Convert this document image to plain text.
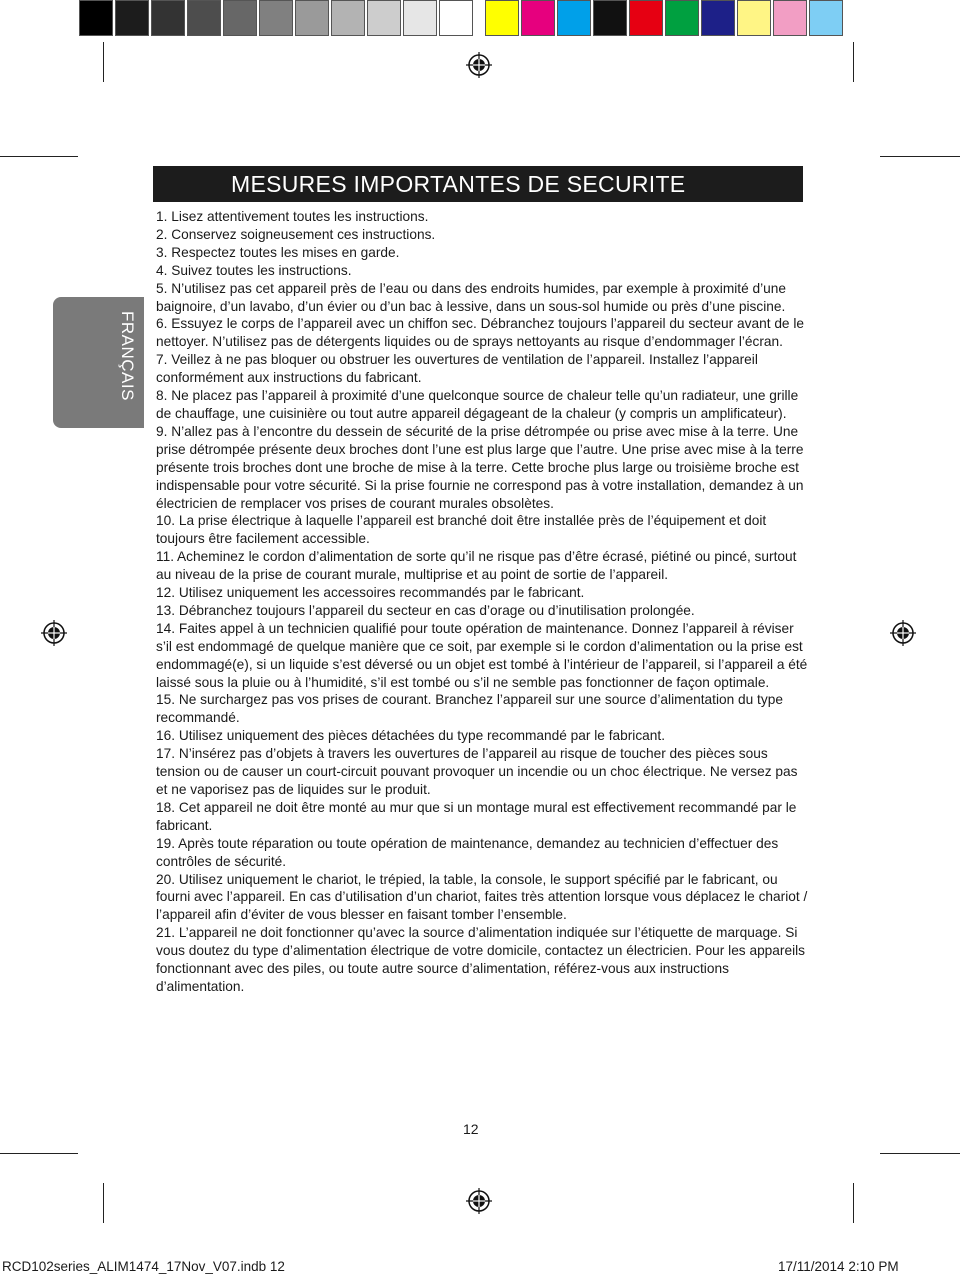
MESURES IMPORTANTES DE SECURITE
FRANÇAIS

1. Lisez attentivement toutes les instructions.

2. Conservez soigneusement ces instructions.

3. Respectez toutes les mises en garde.

4. Suivez toutes les instructions.

5. N’utilisez pas cet appareil près de l’eau ou dans des endroits humides, par exemple à proximité d’une baignoire, d’un lavabo, d’un évier ou d’un bac à lessive, dans un sous-sol humide ou près d’une piscine.

6. Essuyez le corps de l’appareil avec un chiffon sec. Débranchez toujours l’appareil du secteur avant de le nettoyer. N’utilisez pas de détergents liquides ou de sprays nettoyants au risque d’endommager l’écran.

7. Veillez à ne pas bloquer ou obstruer les ouvertures de ventilation de l’appareil. Installez l’appareil conformément aux instructions du fabricant.

8. Ne placez pas l’appareil à proximité d’une quelconque source de chaleur telle qu’un radiateur, une grille de chauffage, une cuisinière ou tout autre appareil dégageant de la chaleur (y compris un amplificateur).

9. N’allez pas à l’encontre du dessein de sécurité de la prise détrompée ou prise avec mise à la terre. Une prise détrompée présente deux broches dont l’une est plus large que l’autre. Une prise avec mise à la terre présente trois broches dont une broche de mise à la terre. Cette broche plus large ou troisième broche est indispensable pour votre sécurité. Si la prise fournie ne correspond pas à votre installation, demandez à un électricien de remplacer vos prises de courant murales obsolètes.

10. La prise électrique à laquelle l’appareil est branché doit être installée près de l’équipement et doit toujours être facilement accessible.

11. Acheminez le cordon d’alimentation de sorte qu’il ne risque pas d’être écrasé, piétiné ou pincé, surtout au niveau de la prise de courant murale, multiprise et au point de sortie de l’appareil.

12. Utilisez uniquement les accessoires recommandés par le fabricant.

13. Débranchez toujours l’appareil du secteur en cas d’orage ou d’inutilisation prolongée.

14. Faites appel à un technicien qualifié pour toute opération de maintenance. Donnez l’appareil à réviser s’il est endommagé de quelque manière que ce soit, par exemple si le cordon d’alimentation ou la prise est endommagé(e), si un liquide s’est déversé ou un objet est tombé à l’intérieur de l’appareil, si l’appareil a été laissé sous la pluie ou à l’humidité, s’il est tombé ou s’il ne semble pas fonctionner de façon optimale.

15. Ne surchargez pas vos prises de courant. Branchez l’appareil sur une source d’alimentation du type recommandé.

16. Utilisez uniquement des pièces détachées du type recommandé par le fabricant.

17. N’insérez pas d’objets à travers les ouvertures de l’appareil au risque de toucher des pièces sous tension ou de causer un court-circuit pouvant provoquer un incendie ou un choc électrique. Ne versez pas et ne vaporisez pas de liquides sur le produit.

18. Cet appareil ne doit être monté au mur que si un montage mural est effectivement recommandé par le fabricant.

19. Après toute réparation ou toute opération de maintenance, demandez au technicien d’effectuer des contrôles de sécurité.

20. Utilisez uniquement le chariot, le trépied, la table, la console, le support spécifié par le fabricant, ou fourni avec l’appareil. En cas d’utilisation d’un chariot, faites très attention lorsque vous déplacez le chariot / l’appareil afin d’éviter de vous blesser en faisant tomber l’ensemble.

21. L’appareil ne doit fonctionner qu’avec la source d’alimentation indiquée sur l’étiquette de marquage. Si vous doutez du type d’alimentation électrique de votre domicile, contactez un électricien. Pour les appareils fonctionnant avec des piles, ou toute autre source d’alimentation, référez-vous aux instructions d’alimentation.

12
RCD102series_ALIM1474_17Nov_V07.indb 12	17/11/2014 2:10 PM
